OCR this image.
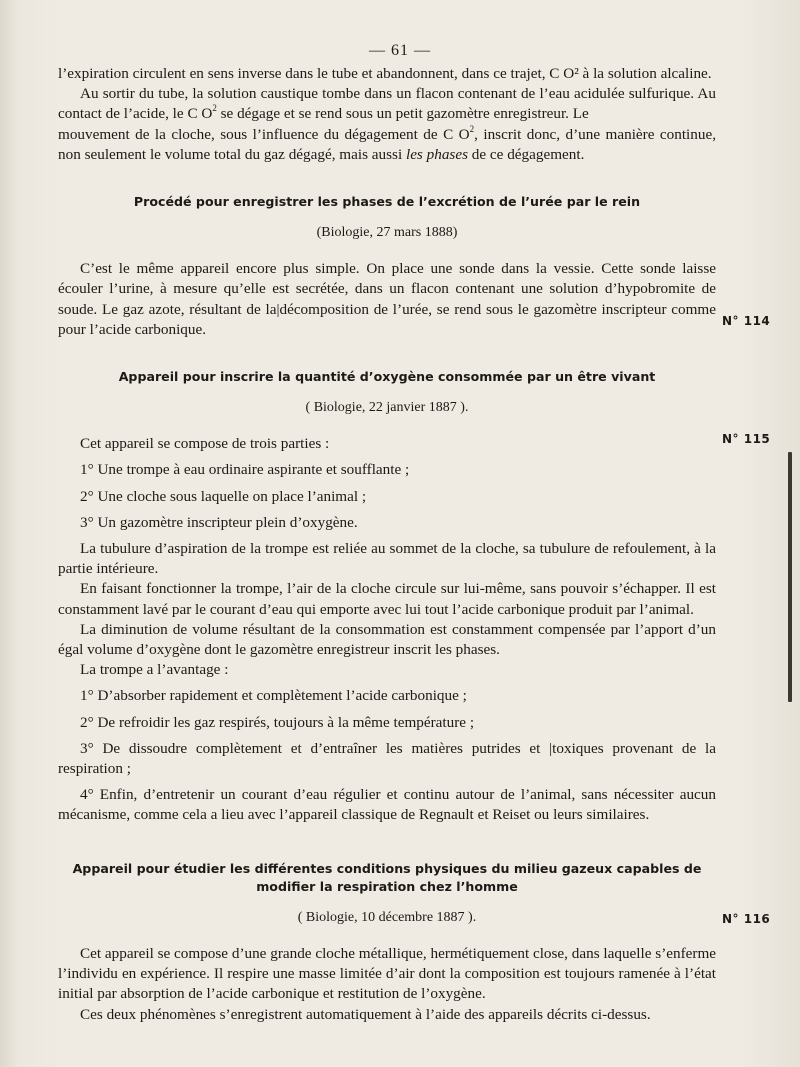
— 61 —

l’expiration circulent en sens inverse dans le tube et abandonnent, dans ce trajet, C O² à la solution alcaline.

Au sortir du tube, la solution caustique tombe dans un flacon contenant de l’eau acidulée sulfurique. Au contact de l’acide, le C $O^2$ se dégage et se rend sous un petit gazomètre enregistreur. Le

mouvement de la cloche, sous l’influence du dégagement de C $O^2$, inscrit donc, d’une manière continue, non seulement le volume total du gaz dégagé, mais aussi les phases de ce dégagement.

Procédé pour enregistrer les phases de l’excrétion de l’urée par le rein
(Biologie, 27 mars 1888)

C’est le même appareil encore plus simple. On place une sonde dans la vessie. Cette sonde laisse écouler l’urine, à mesure qu’elle est secrétée, dans un flacon contenant une solution d’hypobromite de soude. Le gaz azote, résultant de la|décomposition de l’urée, se rend sous le gazomètre inscripteur comme pour l’acide carbonique.

Appareil pour inscrire la quantité d’oxygène consommée par un être vivant
( Biologie, 22 janvier 1887 ).

Cet appareil se compose de trois parties :

1° Une trompe à eau ordinaire aspirante et soufflante ;

2° Une cloche sous laquelle on place l’animal ;

3° Un gazomètre inscripteur plein d’oxygène.

La tubulure d’aspiration de la trompe est reliée au sommet de la cloche, sa tubulure de refoulement, à la partie intérieure.

En faisant fonctionner la trompe, l’air de la cloche circule sur lui-même, sans pouvoir s’échapper. Il est constamment lavé par le courant d’eau qui emporte avec lui tout l’acide carbonique produit par l’animal.

La diminution de volume résultant de la consommation est constamment compensée par l’apport d’un égal volume d’oxygène dont le gazomètre enregistreur inscrit les phases.

La trompe a l’avantage :

1° D’absorber rapidement et complètement l’acide carbonique ;

2° De refroidir les gaz respirés, toujours à la même température ;

3° De dissoudre complètement et d’entraîner les matières putrides et |toxiques provenant de la respiration ;

4° Enfin, d’entretenir un courant d’eau régulier et continu autour de l’animal, sans nécessiter aucun mécanisme, comme cela a lieu avec l’appareil classique de Regnault et Reiset ou leurs similaires.

Appareil pour étudier les différentes conditions physiques du milieu gazeux capables de modifier la respiration chez l’homme
( Biologie, 10 décembre 1887 ).

Cet appareil se compose d’une grande cloche métallique, hermétiquement close, dans laquelle s’enferme l’individu en expérience. Il respire une masse limitée d’air dont la composition est toujours ramenée à l’état initial par absorption de l’acide carbonique et restitution de l’oxygène.

Ces deux phénomènes s’enregistrent automatiquement à l’aide des appareils décrits ci-dessus.

N° 114
N° 115
N° 116
